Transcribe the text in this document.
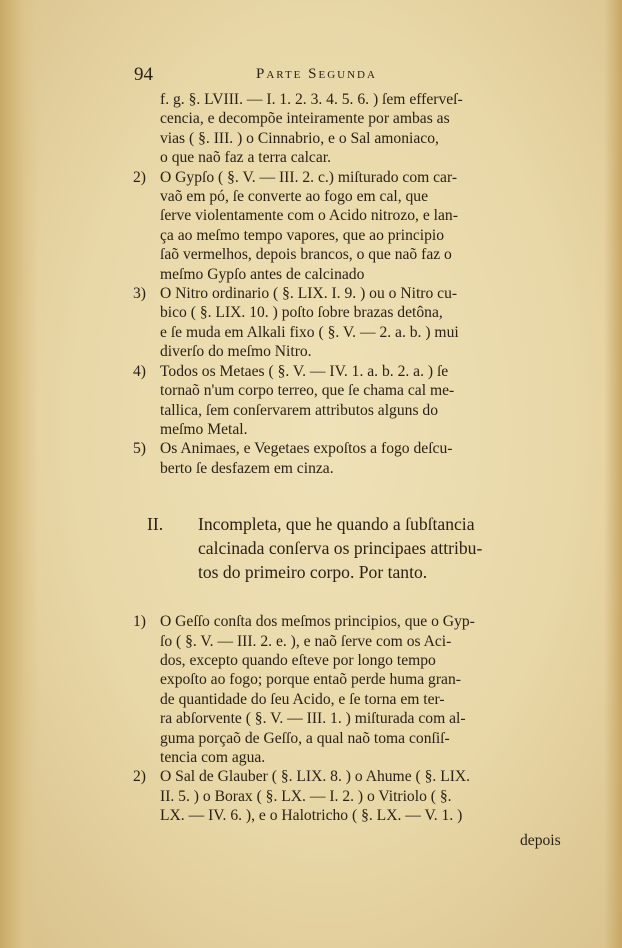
94	Parte Segunda
f. g. §. LVIII. — I. 1. 2. 3. 4. 5. 6. ) ſem efferveſ-
cencia, e decompõe inteiramente por ambas as
vias ( §. III. ) o Cinnabrio, e o Sal amoniaco,
o que naõ faz a terra calcar.
2) O Gypſo ( §. V. — III. 2. c.) miſturado com car-
vaõ em pó, ſe converte ao fogo em cal, que
ſerve violentamente com o Acido nitrozo, e lan-
ça ao meſmo tempo vapores, que ao principio
ſaõ vermelhos, depois brancos, o que naõ faz o
meſmo Gypſo antes de calcinado
3) O Nitro ordinario ( §. LIX. I. 9. ) ou o Nitro cu-
bico ( §. LIX. 10. ) poſto ſobre brazas detôna,
e ſe muda em Alkali fixo ( §. V. — 2. a. b. ) mui
diverſo do meſmo Nitro.
4) Todos os Metaes ( §. V. — IV. 1. a. b. 2. a. ) ſe
tornaõ n'um corpo terreo, que ſe chama cal me-
tallica, ſem conſervarem attributos alguns do
meſmo Metal.
5) Os Animaes, e Vegetaes expoſtos a fogo deſcu-
berto ſe desfazem em cinza.
II. Incompleta, que he quando a ſubſtancia
calcinada conſerva os principaes attribu-
tos do primeiro corpo. Por tanto.
1) O Geſſo conſta dos meſmos principios, que o Gyp-
ſo ( §. V. — III. 2. e. ), e naõ ſerve com os Aci-
dos, excepto quando eſteve por longo tempo
expoſto ao fogo; porque entaõ perde huma gran-
de quantidade do ſeu Acido, e ſe torna em ter-
ra abſorvente ( §. V. — III. 1. ) miſturada com al-
guma porçaõ de Geſſo, a qual naõ toma conſiſ-
tencia com agua.
2) O Sal de Glauber ( §. LIX. 8. ) o Ahume ( §. LIX.
II. 5. ) o Borax ( §. LX. — I. 2. ) o Vitriolo ( §.
LX. — IV. 6. ), e o Halotricho ( §. LX. — V. 1. )
depois
